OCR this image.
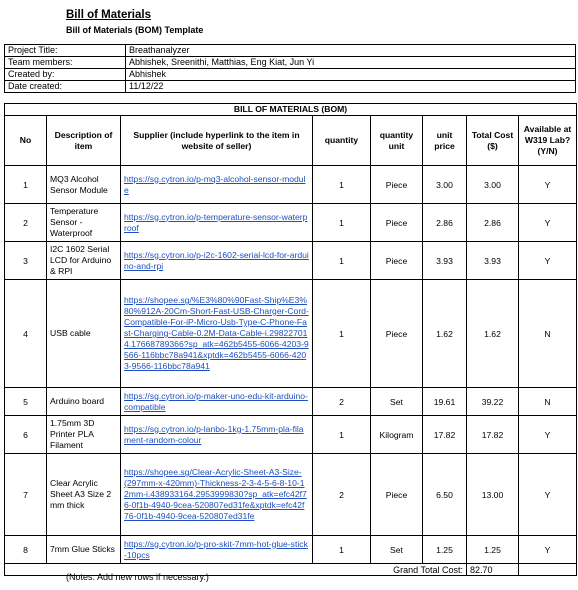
Bill of Materials
Bill of Materials (BOM) Template
Project Title:	Breathanalyzer
Team members:	Abhishek, Sreenithi, Matthias, Eng Kiat, Jun Yi
Created by:	Abhishek
Date created:	11/12/22
BILL OF MATERIALS (BOM)							
No	Description of item	Supplier (include hyperlink to the item in website of seller)	quantity	quantity unit	unit price	Total Cost ($)	Available at W319 Lab? (Y/N)
1	MQ3 Alcohol Sensor Module	https://sg.cytron.io/p-mq3-alcohol-sensor-module	1	Piece	3.00	3.00	Y
2	Temperature Sensor - Waterproof	https://sg.cytron.io/p-temperature-sensor-waterproof	1	Piece	2.86	2.86	Y
3	I2C 1602 Serial LCD for Arduino & RPI	https://sg.cytron.io/p-i2c-1602-serial-lcd-for-arduino-and-rpi	1	Piece	3.93	3.93	Y
4	USB cable	https://shopee.sg/%E3%80%90Fast-Ship%E3%80%912A-20Cm-Short-Fast-USB-Charger-Cord-Compatible-For-iP-Micro-Usb-Type-C-Phone-Fast-Charging-Cable-0.2M-Data-Cable-i.298227014.17668789366?sp_atk=462b5455-6066-4203-9566-116bbc78a941&xptdk=462b5455-6066-4203-9566-116bbc78a941	1	Piece	1.62	1.62	N
5	Arduino board	https://sg.cytron.io/p-maker-uno-edu-kit-arduino-compatible	2	Set	19.61	39.22	N
6	1.75mm 3D Printer PLA Filament	https://sg.cytron.io/p-lanbo-1kg-1.75mm-pla-filament-random-colour	1	Kilogram	17.82	17.82	Y
7	Clear Acrylic Sheet A3 Size 2 mm thick	https://shopee.sg/Clear-Acrylic-Sheet-A3-Size-(297mm-x-420mm)-Thickness-2-3-4-5-6-8-10-12mm-i.438933164.2953999830?sp_atk=efc42f76-0f1b-4940-9cea-520807ed31fe&xptdk=efc42f76-0f1b-4940-9cea-520807ed31fe	2	Piece	6.50	13.00	Y
8	7mm Glue Sticks	https://sg.cytron.io/p-pro-skit-7mm-hot-glue-stick-10pcs	1	Set	1.25	1.25	Y
Grand Total Cost:						82.70	
(Notes: Add new rows if necessary.)
